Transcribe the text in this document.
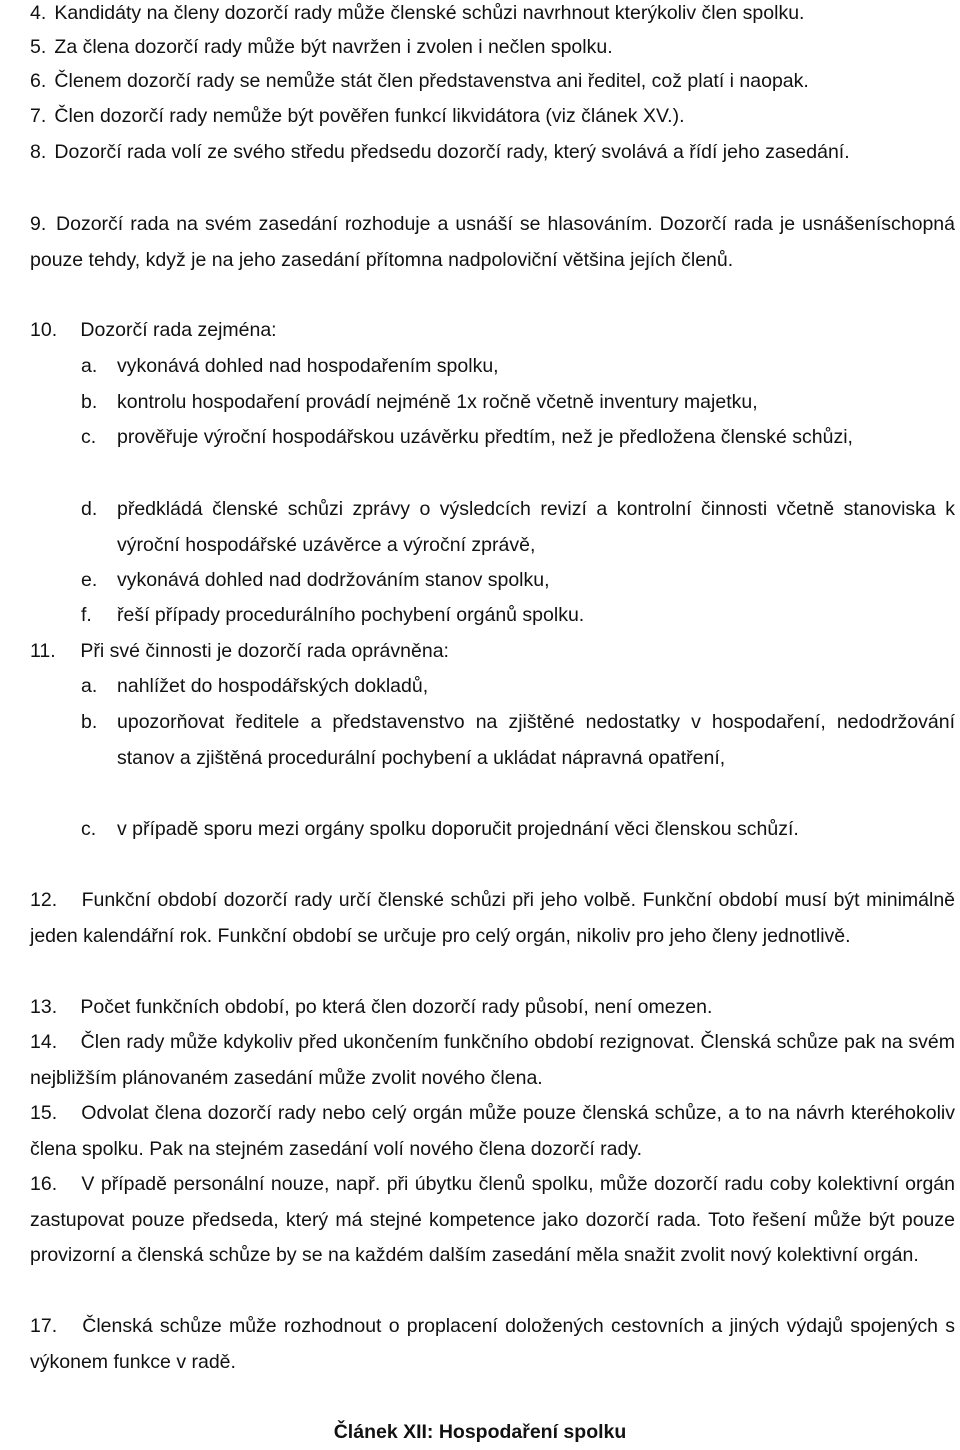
4. Kandidáty na členy dozorčí rady může členské schůzi navrhnout kterýkoliv člen spolku.
5. Za člena dozorčí rady může být navržen i zvolen i nečlen spolku.
6. Členem dozorčí rady se nemůže stát člen představenstva ani ředitel, což platí i naopak.
7. Člen dozorčí rady nemůže být pověřen funkcí likvidátora (viz článek XV.).
8. Dozorčí rada volí ze svého středu předsedu dozorčí rady, který svolává a řídí jeho zasedání.
9. Dozorčí rada na svém zasedání rozhoduje a usnáší se hlasováním. Dozorčí rada je usnášeníschopná pouze tehdy, když je na jeho zasedání přítomna nadpoloviční většina jejích členů.
10. Dozorčí rada zejména:
a. vykonává dohled nad hospodařením spolku,
b. kontrolu hospodaření provádí nejméně 1x ročně včetně inventury majetku,
c. prověřuje výroční hospodářskou uzávěrku předtím, než je předložena členské schůzi,
d. předkládá členské schůzi zprávy o výsledcích revizí a kontrolní činnosti včetně stanoviska k výroční hospodářské uzávěrce a výroční zprávě,
e. vykonává dohled nad dodržováním stanov spolku,
f. řeší případy procedurálního pochybení orgánů spolku.
11. Při své činnosti je dozorčí rada oprávněna:
a. nahlížet do hospodářských dokladů,
b. upozorňovat ředitele a představenstvo na zjištěné nedostatky v hospodaření, nedodržování stanov a zjištěná procedurální pochybení a ukládat nápravná opatření,
c. v případě sporu mezi orgány spolku doporučit projednání věci členskou schůzí.
12. Funkční období dozorčí rady určí členské schůzi při jeho volbě. Funkční období musí být minimálně jeden kalendářní rok. Funkční období se určuje pro celý orgán, nikoliv pro jeho členy jednotlivě.
13. Počet funkčních období, po která člen dozorčí rady působí, není omezen.
14. Člen rady může kdykoliv před ukončením funkčního období rezignovat. Členská schůze pak na svém nejbližším plánovaném zasedání může zvolit nového člena.
15. Odvolat člena dozorčí rady nebo celý orgán může pouze členská schůze, a to na návrh kteréhokoliv člena spolku. Pak na stejném zasedání volí nového člena dozorčí rady.
16. V případě personální nouze, např. při úbytku členů spolku, může dozorčí radu coby kolektivní orgán zastupovat pouze předseda, který má stejné kompetence jako dozorčí rada. Toto řešení může být pouze provizorní a členská schůze by se na každém dalším zasedání měla snažit zvolit nový kolektivní orgán.
17. Členská schůze může rozhodnout o proplacení doložených cestovních a jiných výdajů spojených s výkonem funkce v radě.
Článek XII: Hospodaření spolku
